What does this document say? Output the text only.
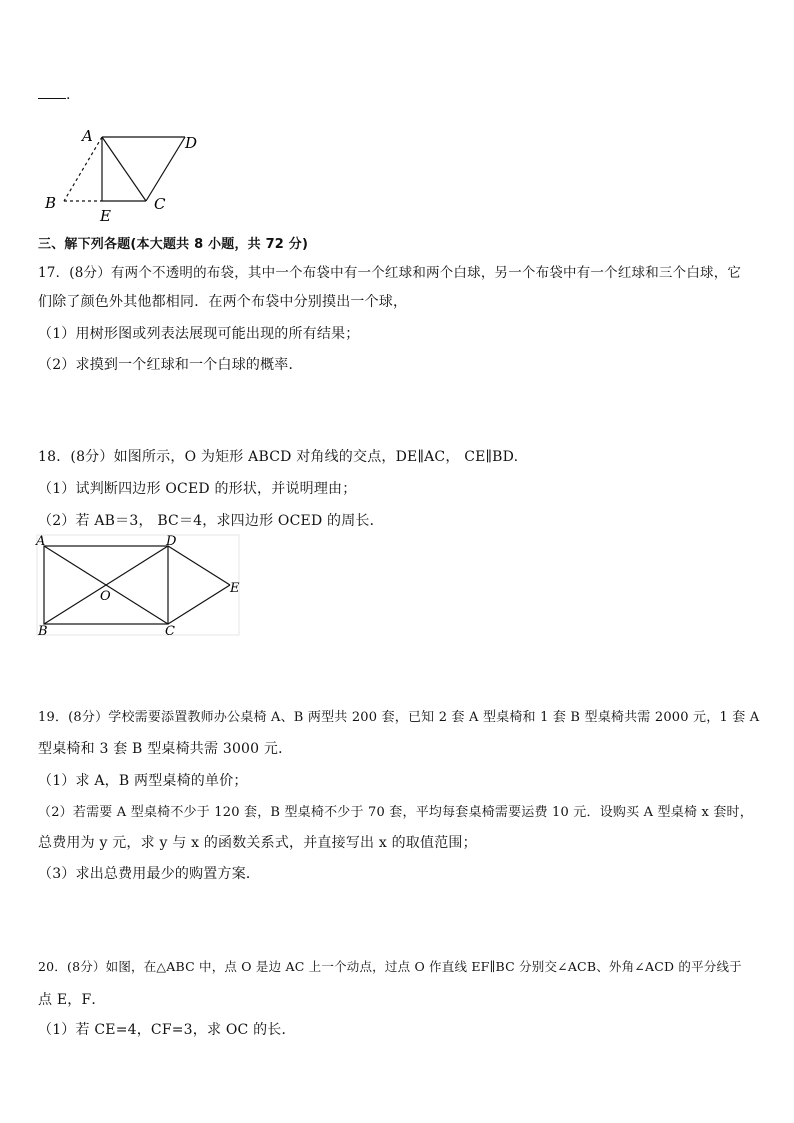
.
A	D
B
E
C
三、解下列各题(本大题共 8 小题，共 72 分)
17．(8分）有两个不透明的布袋，其中一个布袋中有一个红球和两个白球，另一个布袋中有一个红球和三个白球，它
们除了颜色外其他都相同．在两个布袋中分别摸出一个球，
（1）用树形图或列表法展现可能出现的所有结果；
（2）求摸到一个红球和一个白球的概率．
18．(8分）如图所示，O 为矩形 ABCD 对角线的交点，DE∥AC， CE∥BD.
（1）试判断四边形 OCED 的形状，并说明理由；
（2）若 AB＝3， BC＝4，求四边形 OCED 的周长．
A	D
E
O
B	C
19．(8分）学校需要添置教师办公桌椅 A、B 两型共 200 套，已知 2 套 A 型桌椅和 1 套 B 型桌椅共需 2000 元，1 套 A
型桌椅和 3 套 B 型桌椅共需 3000 元．
（1）求 A，B 两型桌椅的单价；
（2）若需要 A 型桌椅不少于 120 套，B 型桌椅不少于 70 套，平均每套桌椅需要运费 10 元．设购买 A 型桌椅 x 套时，
总费用为 y 元，求 y 与 x 的函数关系式，并直接写出 x 的取值范围；
（3）求出总费用最少的购置方案．
20．(8分）如图，在△ABC 中，点 O 是边 AC 上一个动点，过点 O 作直线 EF∥BC 分别交∠ACB、外角∠ACD 的平分线于
点 E，F．
（1）若 CE=4，CF=3，求 OC 的长．
